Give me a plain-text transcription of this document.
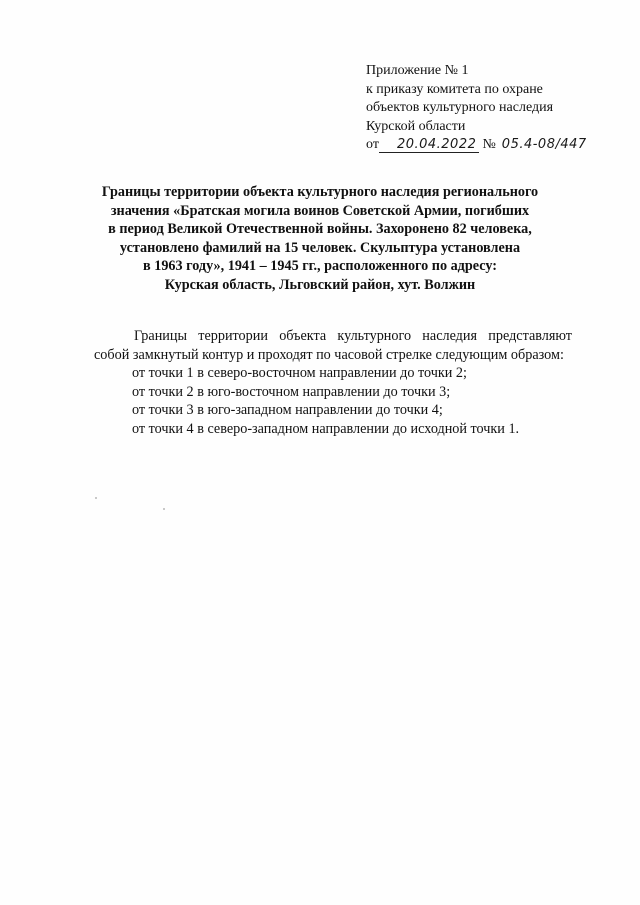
Приложение № 1
к приказу комитета по охране
объектов культурного наследия
Курской области
от 20.04.2022 № 05.4-08/447
Границы территории объекта культурного наследия регионального
значения «Братская могила воинов Советской Армии, погибших
в период Великой Отечественной войны. Захоронено 82 человека,
установлено фамилий на 15 человек. Скульптура установлена
в 1963 году», 1941 – 1945 гг., расположенного по адресу:
Курская область, Льговский район, хут. Волжин

Границы территории объекта культурного наследия представляют собой замкнутый контур и проходят по часовой стрелке следующим образом:

от точки 1 в северо-восточном направлении до точки 2;
от точки 2 в юго-восточном направлении до точки 3;
от точки 3 в юго-западном направлении до точки 4;
от точки 4 в северо-западном направлении до исходной точки 1.
